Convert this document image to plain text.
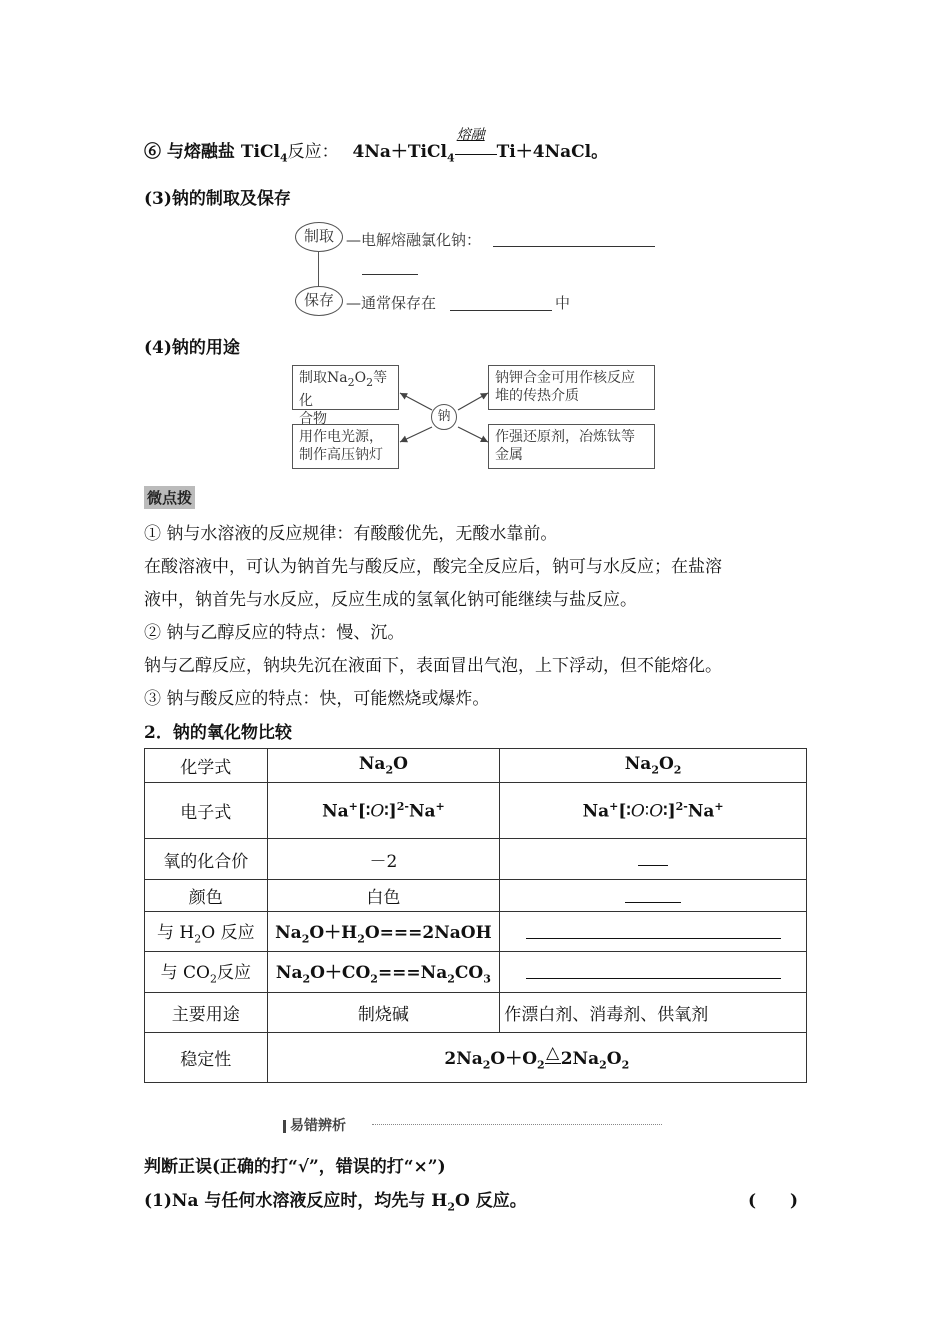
⑥ 与熔融盐 TiCl$_4$反应： 4Na＋TiCl$_4$
熔融
Ti＋4NaCl。
(3)钠的制取及保存
制取 —电解熔融氯化钠：
保存 —通常保存在	中
(4)钠的用途
制取$Na_2O_2$等化
合物
钠钾合金可用作核反应
堆的传热介质
钠
用作电光源，
制作高压钠灯
作强还原剂，冶炼钛等
金属
微点拨
① 钠与水溶液的反应规律：有酸酸优先，无酸水靠前。
在酸溶液中，可认为钠首先与酸反应，酸完全反应后，钠可与水反应；在盐溶
液中，钠首先与水反应，反应生成的氢氧化钠可能继续与盐反应。
② 钠与乙醇反应的特点：慢、沉。
钠与乙醇反应，钠块先沉在液面下，表面冒出气泡，上下浮动，但不能熔化。
③ 钠与酸反应的特点：快，可能燃烧或爆炸。
2．钠的氧化物比较
化学式	$Na_2O$	$Na_2O_2$
电子式	Na+[∶O∶]$^{2-}$Na+	Na+[∶O∶O∶]$^{2-}$Na+
氧的化合价	－2	
颜色	白色	
与 $H_2O$ 反应	$Na_2O+H_2O===2NaOH$	
与 $CO_2$反应	$Na_2O+CO_2===Na_2CO_3$	
主要用途	制烧碱	作漂白剂、消毒剂、供氧剂
稳定性	$2Na_2O+O_2\triangle 2Na_2O_2$
易错辨析
判断正误(正确的打“√”，错误的打“×”)
(1)Na 与任何水溶液反应时，均先与 $H_2O$ 反应。	(　　)
